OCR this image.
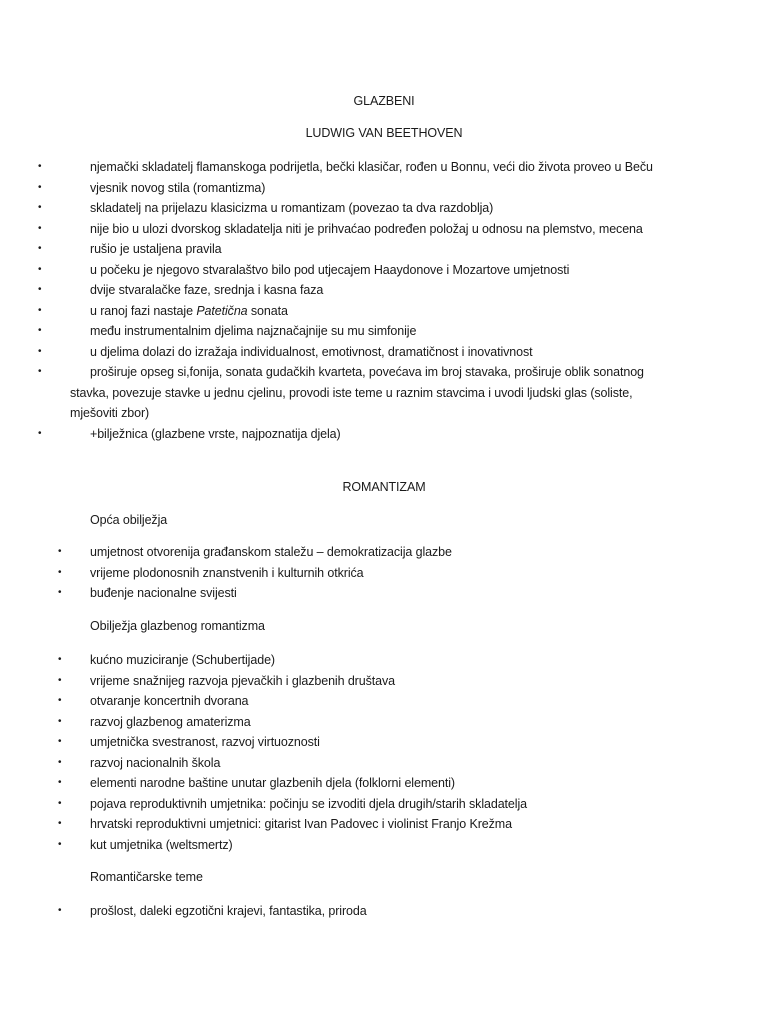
GLAZBENI
LUDWIG VAN BEETHOVEN
•	njemački skladatelj flamanskoga podrijetla, bečki klasičar, rođen u Bonnu, veći dio života proveo u Beču
•	vjesnik novog stila (romantizma)
•	skladatelj na prijelazu klasicizma u romantizam (povezao ta dva razdoblja)
•	nije bio u ulozi dvorskog skladatelja niti je prihvaćao podređen položaj u odnosu na plemstvo, mecena
•	rušio je ustaljena pravila
•	u počeku je njegovo stvaralaštvo bilo pod utjecajem Haaydonove i Mozartove umjetnosti
•	dvije stvaralačke faze, srednja i kasna faza
•	u ranoj fazi nastaje Patetična sonata
•	među instrumentalnim djelima najznačajnije su mu simfonije
•	u djelima dolazi do izražaja individualnost, emotivnost, dramatičnost i inovativnost
•	proširuje opseg si,fonija, sonata gudačkih kvarteta, povećava im broj stavaka, proširuje oblik sonatnog
stavka, povezuje stavke u jednu cjelinu, provodi iste teme u raznim stavcima i uvodi ljudski glas (soliste,
mješoviti zbor)
•	+bilježnica (glazbene vrste, najpoznatija djela)
ROMANTIZAM
Opća obilježja
•	umjetnost otvorenija građanskom staležu – demokratizacija glazbe
•	vrijeme plodonosnih znanstvenih i kulturnih otkrića
•	buđenje nacionalne svijesti
Obilježja glazbenog romantizma
•	kućno muziciranje (Schubertijade)
•	vrijeme snažnijeg razvoja pjevačkih i glazbenih društava
•	otvaranje koncertnih dvorana
•	razvoj glazbenog amaterizma
•	umjetnička svestranost, razvoj virtuoznosti
•	razvoj nacionalnih škola
•	elementi narodne baštine unutar glazbenih djela (folklorni elementi)
•	pojava reproduktivnih umjetnika: počinju se izvoditi djela drugih/starih skladatelja
•	hrvatski reproduktivni umjetnici: gitarist Ivan Padovec i violinist Franjo Krežma
•	kut umjetnika (weltsmertz)
Romantičarske teme
•	prošlost, daleki egzotični krajevi, fantastika, priroda
